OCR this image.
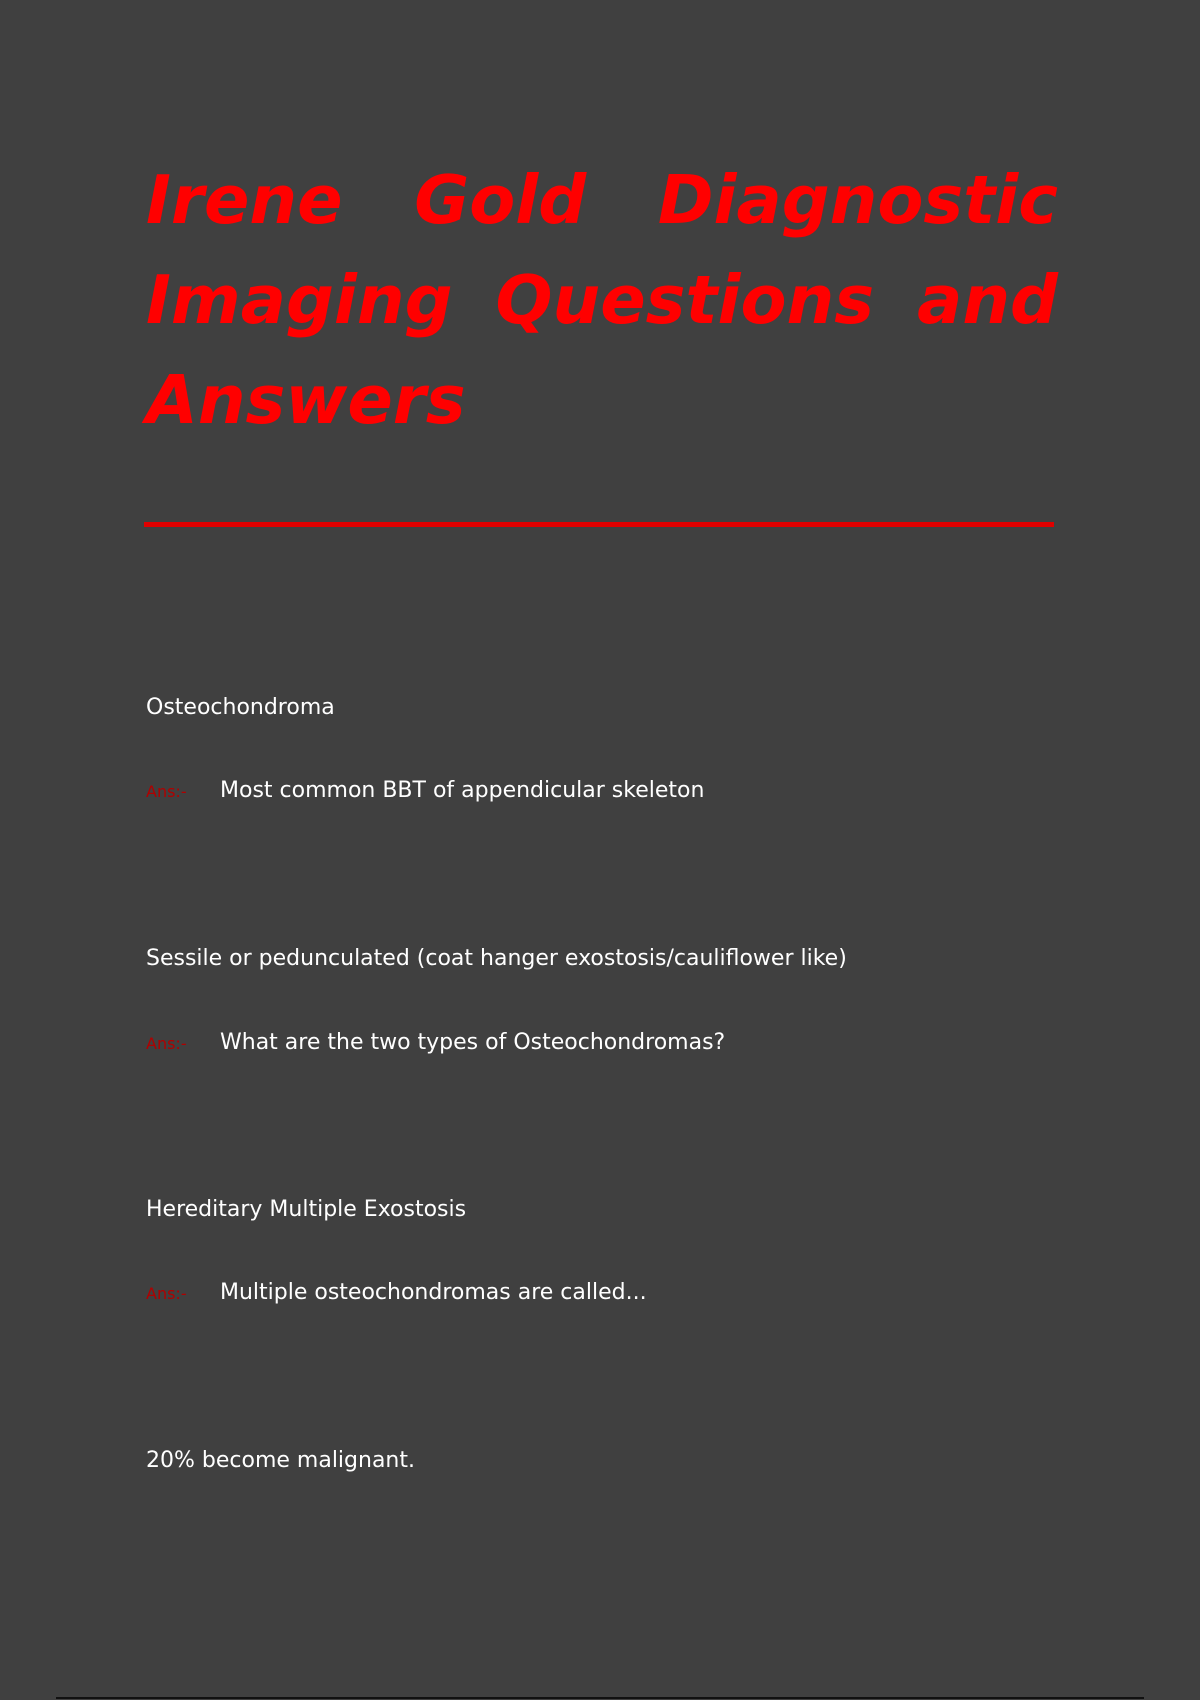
Irene Gold Diagnostic Imaging Questions and Answers
Osteochondroma
Ans:- Most common BBT of appendicular skeleton
Sessile or pedunculated (coat hanger exostosis/cauliflower like)
Ans:- What are the two types of Osteochondromas?
Hereditary Multiple Exostosis
Ans:- Multiple osteochondromas are called...
20% become malignant.
